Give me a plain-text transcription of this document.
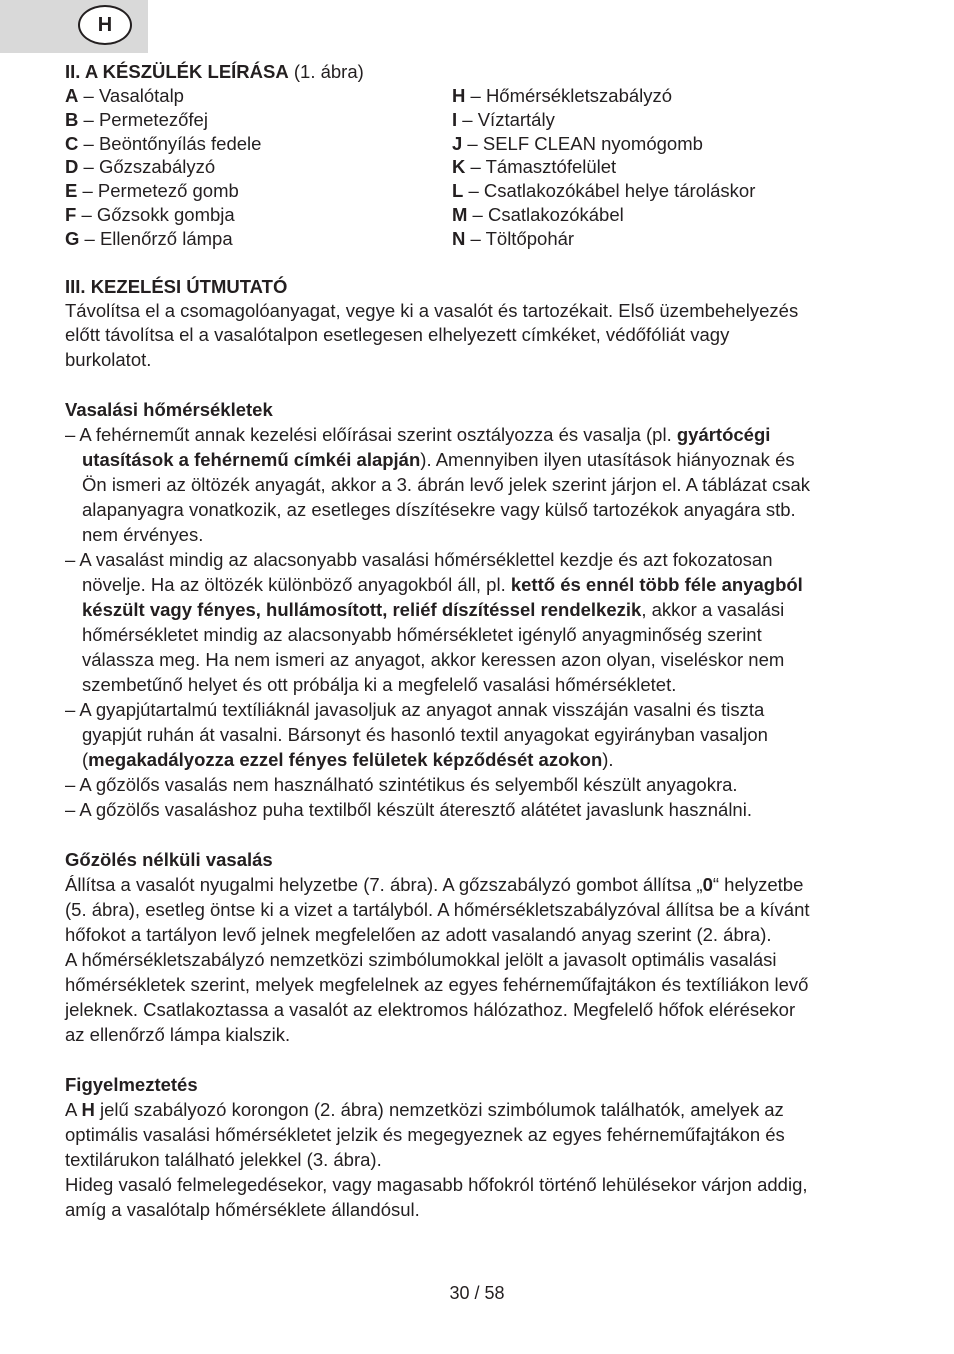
H
II. A KÉSZÜLÉK LEÍRÁSA (1. ábra)
A – Vasalótalp
B – Permetezőfej
C – Beöntőnyílás fedele
D – Gőzszabályzó
E – Permetező gomb
F – Gőzsokk gombja
G – Ellenőrző lámpa
H – Hőmérsékletszabályzó
I – Víztartály
J – SELF CLEAN nyomógomb
K – Támasztófelület
L – Csatlakozókábel helye tároláskor
M – Csatlakozókábel
N – Töltőpohár
III. KEZELÉSI ÚTMUTATÓ
Távolítsa el a csomagolóanyagat, vegye ki a vasalót és tartozékait. Első üzembehelyezés
előtt távolítsa el a vasalótalpon esetlegesen elhelyezett címkéket, védőfóliát vagy
burkolatot.
Vasalási hőmérsékletek
– A fehérneműt annak kezelési előírásai szerint osztályozza és vasalja (pl. gyártócégi
utasítások a fehérnemű címkéi alapján). Amennyiben ilyen utasítások hiányoznak és
Ön ismeri az öltözék anyagát, akkor a 3. ábrán levő jelek szerint járjon el. A táblázat csak
alapanyagra vonatkozik, az esetleges díszítésekre vagy külső tartozékok anyagára stb.
nem érvényes.
– A vasalást mindig az alacsonyabb vasalási hőmérséklettel kezdje és azt fokozatosan
növelje. Ha az öltözék különböző anyagokból áll, pl. kettő és ennél több féle anyagból
készült vagy fényes, hullámosított, reliéf díszítéssel rendelkezik, akkor a vasalási
hőmérsékletet mindig az alacsonyabb hőmérsékletet igénylő anyagminőség szerint
válassza meg. Ha nem ismeri az anyagot, akkor keressen azon olyan, viseléskor nem
szembetűnő helyet és ott próbálja ki a megfelelő vasalási hőmérsékletet.
– A gyapjútartalmú textíliáknál javasoljuk az anyagot annak visszáján vasalni és tiszta
gyapjút ruhán át vasalni. Bársonyt és hasonló textil anyagokat egyirányban vasaljon
(megakadályozza ezzel fényes felületek képződését azokon).
– A gőzölős vasalás nem használható szintétikus és selyemből készült anyagokra.
– A gőzölős vasaláshoz puha textilből készült áteresztő alátétet javaslunk használni.
Gőzölés nélküli vasalás
Állítsa a vasalót nyugalmi helyzetbe (7. ábra). A gőzszabályzó gombot állítsa „0“ helyzetbe
(5. ábra), esetleg öntse ki a vizet a tartályból. A hőmérsékletszabályzóval állítsa be a kívánt
hőfokot a tartályon levő jelnek megfelelően az adott vasalandó anyag szerint (2. ábra).
A hőmérsékletszabályzó nemzetközi szimbólumokkal jelölt a javasolt optimális vasalási
hőmérsékletek szerint, melyek megfelelnek az egyes fehérneműfajtákon és textíliákon levő
jeleknek. Csatlakoztassa a vasalót az elektromos hálózathoz. Megfelelő hőfok elérésekor
az ellenőrző lámpa kialszik.
Figyelmeztetés
A H jelű szabályozó korongon (2. ábra) nemzetközi szimbólumok találhatók, amelyek az
optimális vasalási hőmérsékletet jelzik és megegyeznek az egyes fehérneműfajtákon és
textilárukon található jelekkel (3. ábra).
Hideg vasaló felmelegedésekor, vagy magasabb hőfokról történő lehülésekor várjon addig,
amíg a vasalótalp hőmérséklete állandósul.
30 / 58
